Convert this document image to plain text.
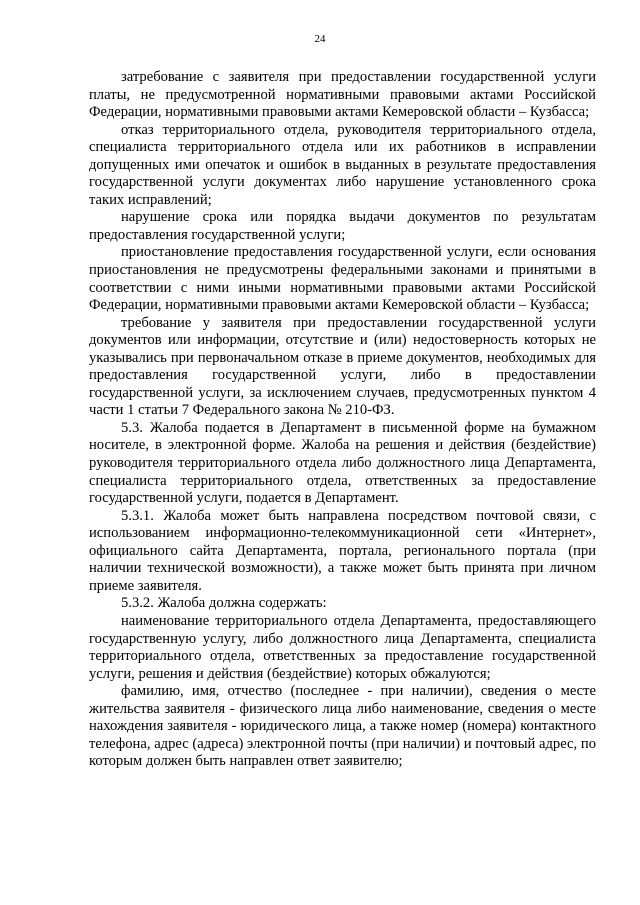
24

затребование с заявителя при предоставлении государственной услуги платы, не предусмотренной нормативными правовыми актами Российской Федерации, нормативными правовыми актами Кемеровской области – Кузбасса;

отказ территориального отдела, руководителя территориального отдела, специалиста территориального отдела или их работников в исправлении допущенных ими опечаток и ошибок в выданных в результате предоставления государственной услуги документах либо нарушение установленного срока таких исправлений;

нарушение срока или порядка выдачи документов по результатам предоставления государственной услуги;

приостановление предоставления государственной услуги, если основания приостановления не предусмотрены федеральными законами и принятыми в соответствии с ними иными нормативными правовыми актами Российской Федерации, нормативными правовыми актами Кемеровской области – Кузбасса;

требование у заявителя при предоставлении государственной услуги документов или информации, отсутствие и (или) недостоверность которых не указывались при первоначальном отказе в приеме документов, необходимых для предоставления государственной услуги, либо в предоставлении государственной услуги, за исключением случаев, предусмотренных пунктом 4 части 1 статьи 7 Федерального закона № 210-ФЗ.

5.3. Жалоба подается в Департамент в письменной форме на бумажном носителе, в электронной форме. Жалоба на решения и действия (бездействие) руководителя территориального отдела либо должностного лица Департамента, специалиста территориального отдела, ответственных за предоставление государственной услуги, подается в Департамент.

5.3.1. Жалоба может быть направлена посредством почтовой связи, с использованием информационно-телекоммуникационной сети «Интернет», официального сайта Департамента, портала, регионального портала (при наличии технической возможности), а также может быть принята при личном приеме заявителя.

5.3.2. Жалоба должна содержать:

наименование территориального отдела Департамента, предоставляющего государственную услугу, либо должностного лица Департамента, специалиста территориального отдела, ответственных за предоставление государственной услуги, решения и действия (бездействие) которых обжалуются;

фамилию, имя, отчество (последнее - при наличии), сведения о месте жительства заявителя - физического лица либо наименование, сведения о месте нахождения заявителя - юридического лица, а также номер (номера) контактного телефона, адрес (адреса) электронной почты (при наличии) и почтовый адрес, по которым должен быть направлен ответ заявителю;
